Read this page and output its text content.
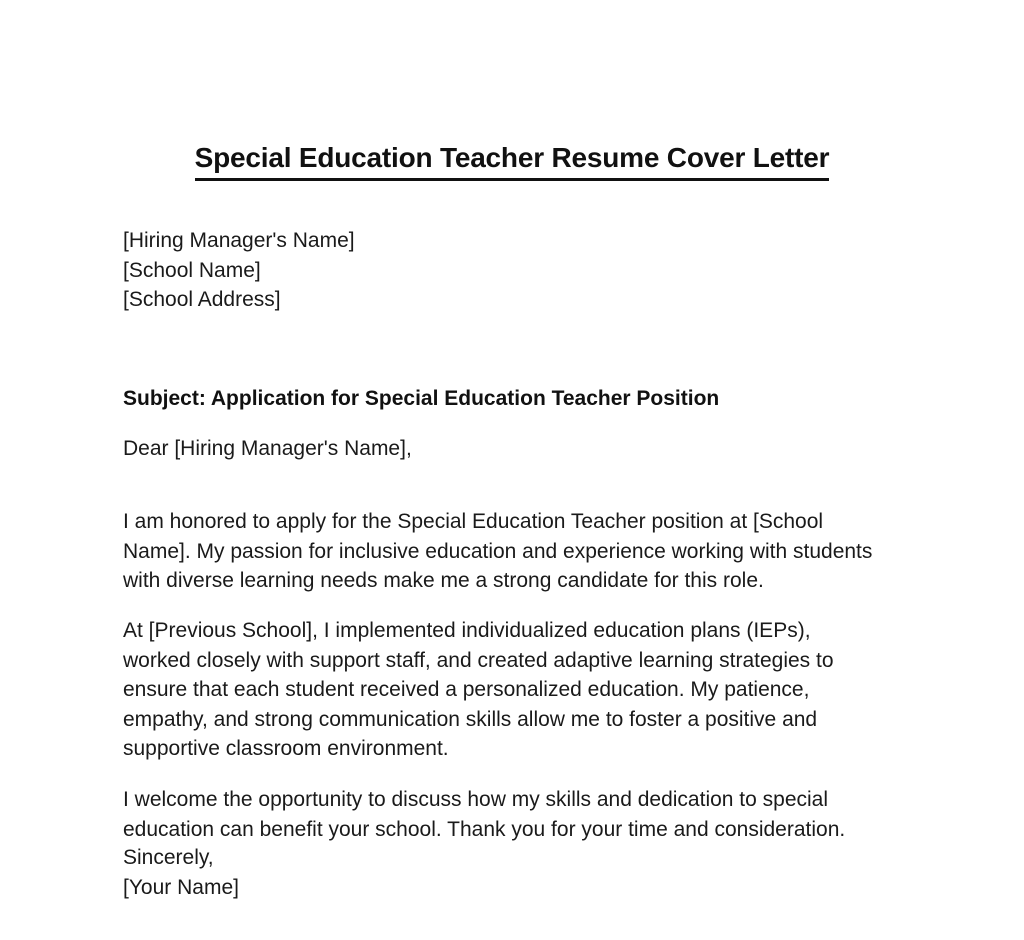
Special Education Teacher Resume Cover Letter
[Hiring Manager's Name]
[School Name]
[School Address]
Subject: Application for Special Education Teacher Position
Dear [Hiring Manager's Name],

I am honored to apply for the Special Education Teacher position at [School Name]. My passion for inclusive education and experience working with students with diverse learning needs make me a strong candidate for this role.

At [Previous School], I implemented individualized education plans (IEPs), worked closely with support staff, and created adaptive learning strategies to ensure that each student received a personalized education. My patience, empathy, and strong communication skills allow me to foster a positive and supportive classroom environment.

I welcome the opportunity to discuss how my skills and dedication to special education can benefit your school. Thank you for your time and consideration.

Sincerely,
[Your Name]
